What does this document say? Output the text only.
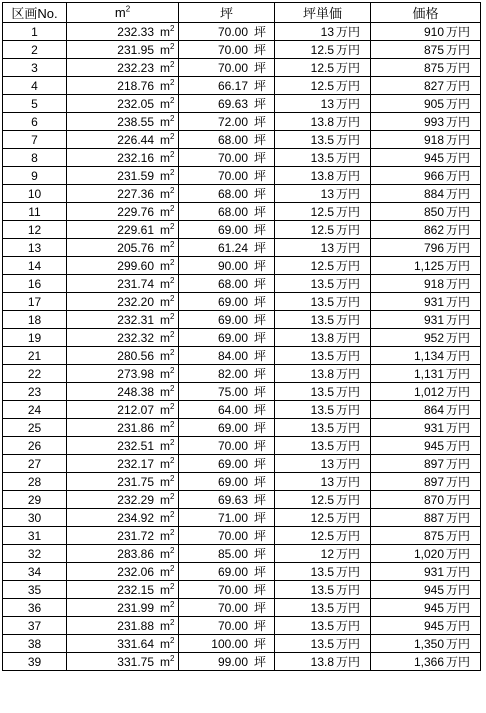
区画No.	$m^2$	坪	坪単価	価格
1	232.33 $m^2$	70.00 坪	13 万円	910 万円
2	231.95 $m^2$	70.00 坪	12.5 万円	875 万円
3	232.23 $m^2$	70.00 坪	12.5 万円	875 万円
4	218.76 $m^2$	66.17 坪	12.5 万円	827 万円
5	232.05 $m^2$	69.63 坪	13 万円	905 万円
6	238.55 $m^2$	72.00 坪	13.8 万円	993 万円
7	226.44 $m^2$	68.00 坪	13.5 万円	918 万円
8	232.16 $m^2$	70.00 坪	13.5 万円	945 万円
9	231.59 $m^2$	70.00 坪	13.8 万円	966 万円
10	227.36 $m^2$	68.00 坪	13 万円	884 万円
11	229.76 $m^2$	68.00 坪	12.5 万円	850 万円
12	229.61 $m^2$	69.00 坪	12.5 万円	862 万円
13	205.76 $m^2$	61.24 坪	13 万円	796 万円
14	299.60 $m^2$	90.00 坪	12.5 万円	1,125 万円
16	231.74 $m^2$	68.00 坪	13.5 万円	918 万円
17	232.20 $m^2$	69.00 坪	13.5 万円	931 万円
18	232.31 $m^2$	69.00 坪	13.5 万円	931 万円
19	232.32 $m^2$	69.00 坪	13.8 万円	952 万円
21	280.56 $m^2$	84.00 坪	13.5 万円	1,134 万円
22	273.98 $m^2$	82.00 坪	13.8 万円	1,131 万円
23	248.38 $m^2$	75.00 坪	13.5 万円	1,012 万円
24	212.07 $m^2$	64.00 坪	13.5 万円	864 万円
25	231.86 $m^2$	69.00 坪	13.5 万円	931 万円
26	232.51 $m^2$	70.00 坪	13.5 万円	945 万円
27	232.17 $m^2$	69.00 坪	13 万円	897 万円
28	231.75 $m^2$	69.00 坪	13 万円	897 万円
29	232.29 $m^2$	69.63 坪	12.5 万円	870 万円
30	234.92 $m^2$	71.00 坪	12.5 万円	887 万円
31	231.72 $m^2$	70.00 坪	12.5 万円	875 万円
32	283.86 $m^2$	85.00 坪	12 万円	1,020 万円
34	232.06 $m^2$	69.00 坪	13.5 万円	931 万円
35	232.15 $m^2$	70.00 坪	13.5 万円	945 万円
36	231.99 $m^2$	70.00 坪	13.5 万円	945 万円
37	231.88 $m^2$	70.00 坪	13.5 万円	945 万円
38	331.64 $m^2$	100.00 坪	13.5 万円	1,350 万円
39	331.75 $m^2$	99.00 坪	13.8 万円	1,366 万円
